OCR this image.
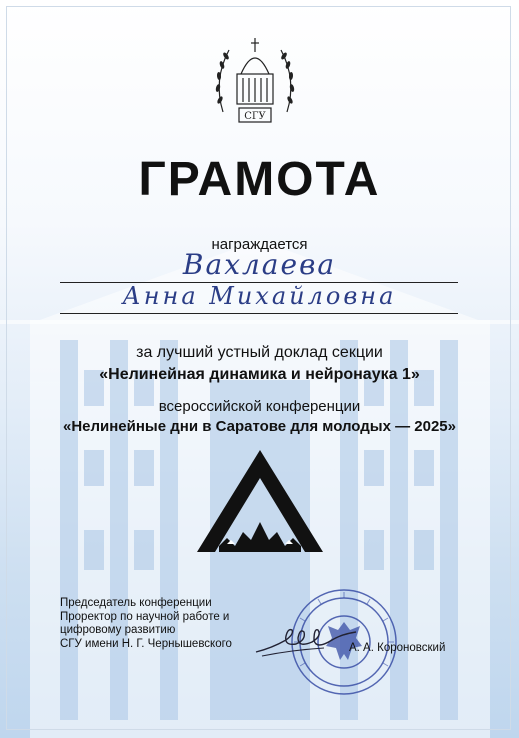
СГУ
ГРАМОТА
награждается
Вахлаева
Анна Михайловна
за лучший устный доклад секции
«Нелинейная динамика и нейронаука 1»
всероссийской конференции
«Нелинейные дни в Саратове для молодых — 2025»
Председатель конференции
Проректор по научной работе и
цифровому развитию
СГУ имени Н. Г. Чернышевского	А. А. Короновский
